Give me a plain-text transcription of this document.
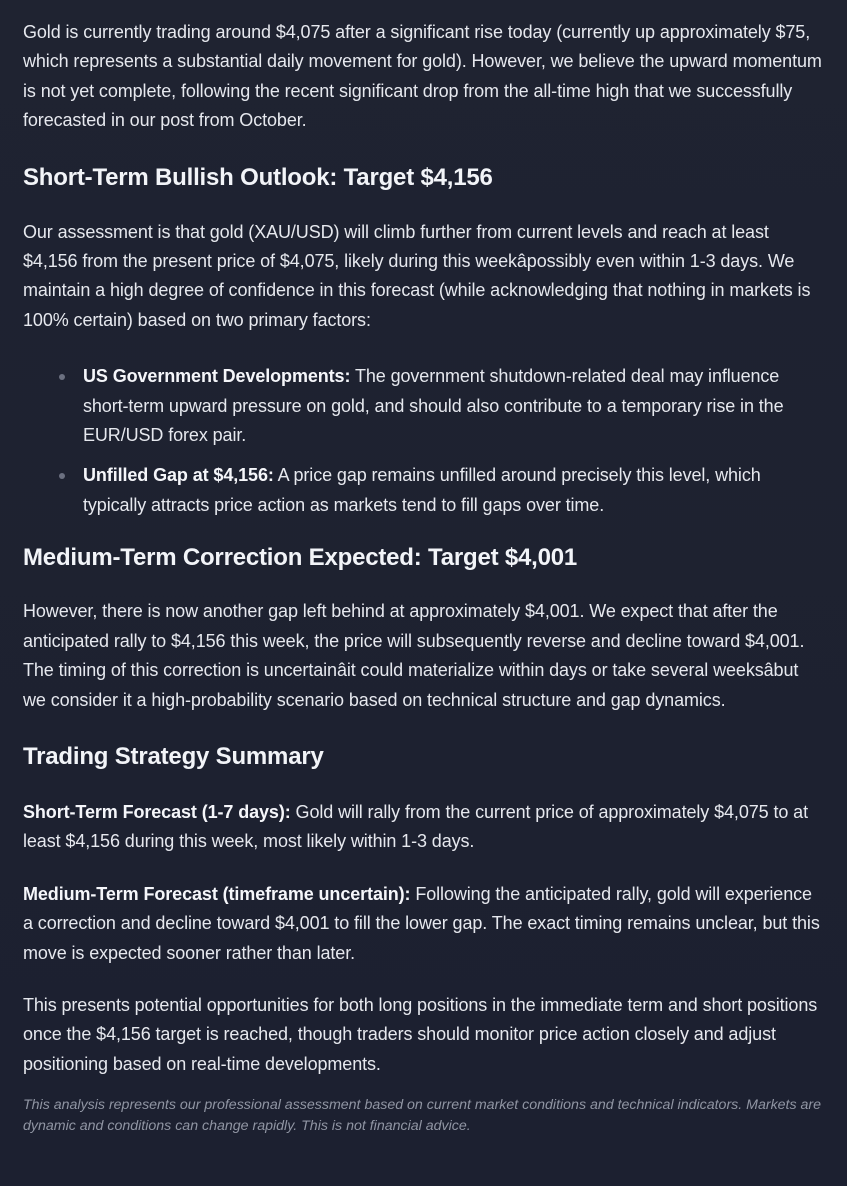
Gold is currently trading around $4,075 after a significant rise today (currently up approximately $75, which represents a substantial daily movement for gold). However, we believe the upward momentum is not yet complete, following the recent significant drop from the all-time high that we successfully forecasted in our post from October.

Short-Term Bullish Outlook: Target $4,156

Our assessment is that gold (XAU/USD) will climb further from current levels and reach at least $4,156 from the present price of $4,075, likely during this weekâpossibly even within 1-3 days. We maintain a high degree of confidence in this forecast (while acknowledging that nothing in markets is 100% certain) based on two primary factors:

US Government Developments: The government shutdown-related deal may influence short-term upward pressure on gold, and should also contribute to a temporary rise in the EUR/USD forex pair.
Unfilled Gap at $4,156: A price gap remains unfilled around precisely this level, which typically attracts price action as markets tend to fill gaps over time.
Medium-Term Correction Expected: Target $4,001

However, there is now another gap left behind at approximately $4,001. We expect that after the anticipated rally to $4,156 this week, the price will subsequently reverse and decline toward $4,001. The timing of this correction is uncertainâit could materialize within days or take several weeksâbut we consider it a high-probability scenario based on technical structure and gap dynamics.

Trading Strategy Summary

Short-Term Forecast (1-7 days): Gold will rally from the current price of approximately $4,075 to at least $4,156 during this week, most likely within 1-3 days.

Medium-Term Forecast (timeframe uncertain): Following the anticipated rally, gold will experience a correction and decline toward $4,001 to fill the lower gap. The exact timing remains unclear, but this move is expected sooner rather than later.

This presents potential opportunities for both long positions in the immediate term and short positions once the $4,156 target is reached, though traders should monitor price action closely and adjust positioning based on real-time developments.

This analysis represents our professional assessment based on current market conditions and technical indicators. Markets are dynamic and conditions can change rapidly. This is not financial advice.
